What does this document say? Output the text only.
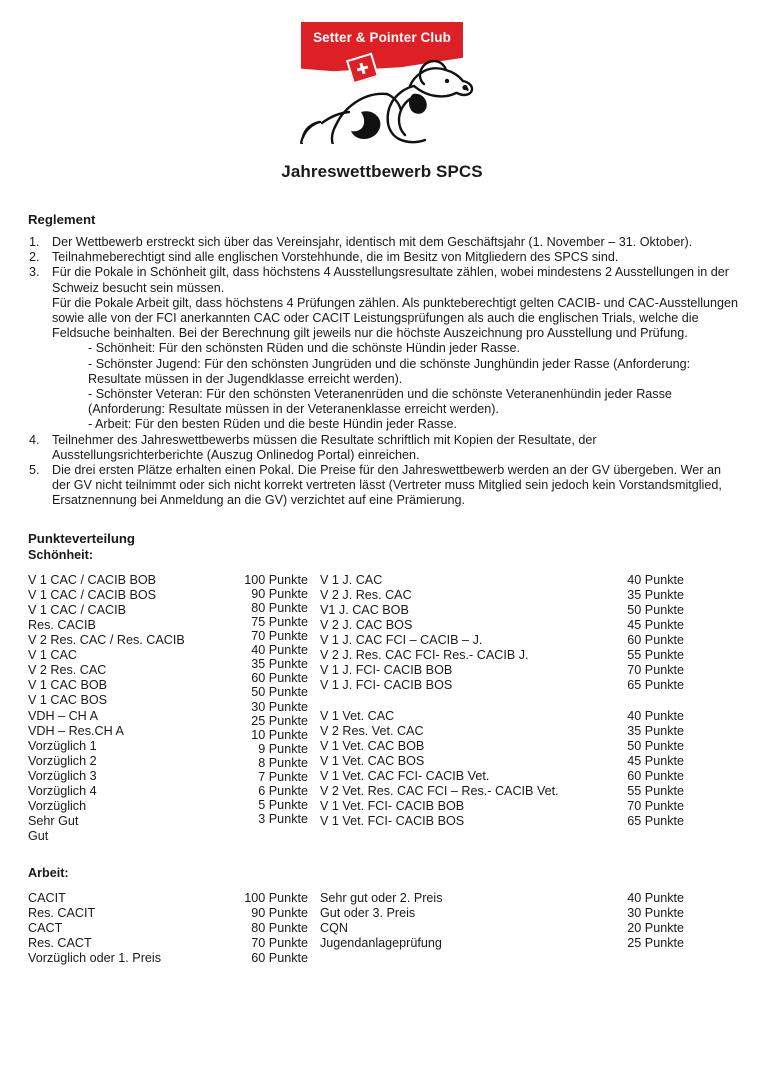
Setter & Pointer Club
Jahreswettbewerb SPCS
Reglement
1. Der Wettbewerb erstreckt sich über das Vereinsjahr, identisch mit dem Geschäftsjahr (1. November – 31. Oktober).

2. Teilnahmeberechtigt sind alle englischen Vorstehhunde, die im Besitz von Mitgliedern des SPCS sind.

3. Für die Pokale in Schönheit gilt, dass höchstens 4 Ausstellungsresultate zählen, wobei mindestens 2 Ausstellungen in der Schweiz besucht sein müssen.

Für die Pokale Arbeit gilt, dass höchstens 4 Prüfungen zählen. Als punkteberechtigt gelten CACIB- und CAC-Ausstellungen sowie alle von der FCI anerkannten CAC oder CACIT Leistungsprüfungen als auch die englischen Trials, welche die Feldsuche beinhalten. Bei der Berechnung gilt jeweils nur die höchste Auszeichnung pro Ausstellung und Prüfung.

- Schönheit: Für den schönsten Rüden und die schönste Hündin jeder Rasse.

- Schönster Jugend: Für den schönsten Jungrüden und die schönste Junghündin jeder Rasse (Anforderung: Resultate müssen in der Jugendklasse erreicht werden).

- Schönster Veteran: Für den schönsten Veteranenrüden und die schönste Veteranenhündin jeder Rasse (Anforderung: Resultate müssen in der Veteranenklasse erreicht werden).

- Arbeit: Für den besten Rüden und die beste Hündin jeder Rasse.

4. Teilnehmer des Jahreswettbewerbs müssen die Resultate schriftlich mit Kopien der Resultate, der Ausstellungsrichterberichte (Auszug Onlinedog Portal) einreichen.

5. Die drei ersten Plätze erhalten einen Pokal. Die Preise für den Jahreswettbewerb werden an der GV übergeben. Wer an der GV nicht teilnimmt oder sich nicht korrekt vertreten lässt (Vertreter muss Mitglied sein jedoch kein Vorstandsmitglied, Ersatznennung bei Anmeldung an die GV) verzichtet auf eine Prämierung.

Punkteverteilung
Schönheit:
V 1 CAC / CACIB BOB
V 1 CAC / CACIB BOS
V 1 CAC / CACIB
Res. CACIB
V 2 Res. CAC / Res. CACIB
V 1 CAC
V 2 Res. CAC
V 1 CAC BOB
V 1 CAC BOS
VDH – CH A
VDH – Res.CH A
Vorzüglich 1
Vorzüglich 2
Vorzüglich 3
Vorzüglich 4
Vorzüglich
Sehr Gut
Gut
100 Punkte
90 Punkte
80 Punkte
75 Punkte
70 Punkte
40 Punkte
35 Punkte
60 Punkte
50 Punkte
30 Punkte
25 Punkte
10 Punkte
9 Punkte
8 Punkte
7 Punkte
6 Punkte
5 Punkte
3 Punkte
V 1 J. CAC
V 2 J. Res. CAC
V1 J. CAC BOB
V 2 J. CAC BOS
V 1 J. CAC FCI – CACIB – J.
V 2 J. Res. CAC FCI- Res.- CACIB J.
V 1 J. FCI- CACIB BOB
V 1 J. FCI- CACIB BOS

V 1 Vet. CAC
V 2 Res. Vet. CAC
V 1 Vet. CAC BOB
V 1 Vet. CAC BOS
V 1 Vet. CAC FCI- CACIB Vet.
V 2 Vet. Res. CAC FCI – Res.- CACIB Vet.
V 1 Vet. FCI- CACIB BOB
V 1 Vet. FCI- CACIB BOS
40 Punkte
35 Punkte
50 Punkte
45 Punkte
60 Punkte
55 Punkte
70 Punkte
65 Punkte

40 Punkte
35 Punkte
50 Punkte
45 Punkte
60 Punkte
55 Punkte
70 Punkte
65 Punkte
Arbeit:
CACIT
Res. CACIT
CACT
Res. CACT
Vorzüglich oder 1. Preis
100 Punkte
90 Punkte
80 Punkte
70 Punkte
60 Punkte
Sehr gut oder 2. Preis
Gut oder 3. Preis
CQN
Jugendanlageprüfung
40 Punkte
30 Punkte
20 Punkte
25 Punkte
